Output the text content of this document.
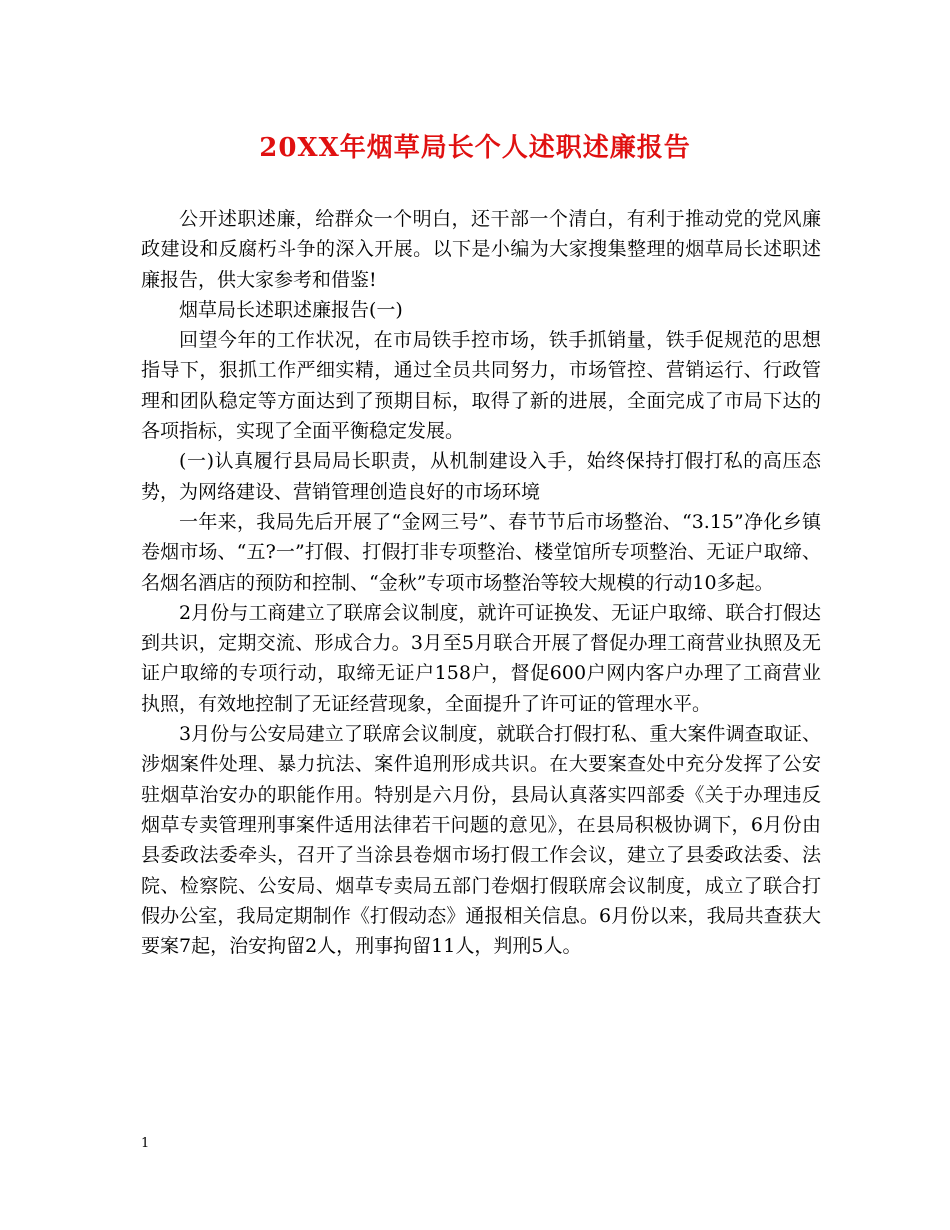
20XX年烟草局长个人述职述廉报告

公开述职述廉，给群众一个明白，还干部一个清白，有利于推动党的党风廉政建设和反腐朽斗争的深入开展。以下是小编为大家搜集整理的烟草局长述职述廉报告，供大家参考和借鉴!

烟草局长述职述廉报告(一)

回望今年的工作状况，在市局铁手控市场，铁手抓销量，铁手促规范的思想指导下，狠抓工作严细实精，通过全员共同努力，市场管控、营销运行、行政管理和团队稳定等方面达到了预期目标，取得了新的进展，全面完成了市局下达的各项指标，实现了全面平衡稳定发展。

(一)认真履行县局局长职责，从机制建设入手，始终保持打假打私的高压态势，为网络建设、营销管理创造良好的市场环境

一年来，我局先后开展了“金网三号”、春节节后市场整治、“3.15”净化乡镇卷烟市场、“五?一”打假、打假打非专项整治、楼堂馆所专项整治、无证户取缔、名烟名酒店的预防和控制、“金秋”专项市场整治等较大规模的行动10多起。

2月份与工商建立了联席会议制度，就许可证换发、无证户取缔、联合打假达到共识，定期交流、形成合力。3月至5月联合开展了督促办理工商营业执照及无证户取缔的专项行动，取缔无证户158户，督促600户网内客户办理了工商营业执照，有效地控制了无证经营现象，全面提升了许可证的管理水平。

3月份与公安局建立了联席会议制度，就联合打假打私、重大案件调查取证、涉烟案件处理、暴力抗法、案件追刑形成共识。在大要案查处中充分发挥了公安驻烟草治安办的职能作用。特别是六月份，县局认真落实四部委《关于办理违反烟草专卖管理刑事案件适用法律若干问题的意见》，在县局积极协调下，6月份由县委政法委牵头，召开了当涂县卷烟市场打假工作会议，建立了县委政法委、法院、检察院、公安局、烟草专卖局五部门卷烟打假联席会议制度，成立了联合打假办公室，我局定期制作《打假动态》通报相关信息。6月份以来，我局共查获大要案7起，治安拘留2人，刑事拘留11人，判刑5人。

1
